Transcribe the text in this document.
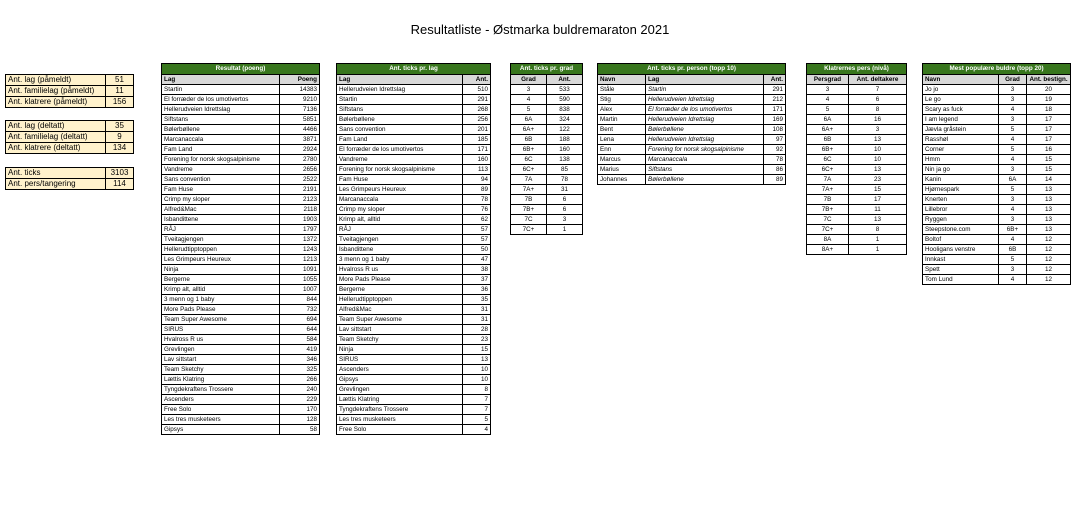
Resultatliste - Østmarka buldremaraton 2021
Ant. lag (påmeldt)	51
Ant. familielag (påmeldt)	11
Ant. klatrere (påmeldt)	156
Ant. lag (deltatt)	35
Ant. familielag (deltatt)	9
Ant. klatrere (deltatt)	134
Ant. ticks	3103
Ant. pers/tangering	114
Resultat (poeng)	
Lag	Poeng
Startin	14383
El forræder de los umotivertos	9210
Hellerudveien Idrettslag	7136
Siftstans	5851
Bølerbøllene	4466
Marcanaccala	3871
Fam Land	2924
Forening for norsk skogsalpinisme	2780
Vandreme	2656
Sans convention	2522
Fam Huse	2191
Crimp my sloper	2123
Alfred&Mac	2118
Isbandittene	1903
RÅJ	1797
Tveitagjengen	1372
Hellerudtipptoppen	1243
Les Grimpeurs Heureux	1213
Ninja	1091
Bergerne	1055
Krimp alt, alltid	1007
3 menn og 1 baby	844
More Pads Please	732
Team Super Awesome	694
SIRUS	644
Hvalross R us	584
Grevlingen	419
Lav sittstart	346
Team Sketchy	325
Lættis Klatring	266
Tyngdekraftens Trossere	240
Ascenders	229
Free Solo	170
Les tres musketeers	128
Gipsys	58
Ant. ticks pr. lag	
Lag	Ant.
Hellerudveien Idrettslag	510
Startin	291
Siftstans	268
Bølerbøllene	256
Sans convention	201
Fam Land	185
El forræder de los umotivertos	171
Vandreme	160
Forening for norsk skogsalpinisme	113
Fam Huse	94
Les Grimpeurs Heureux	89
Marcanaccala	78
Crimp my sloper	76
Krimp alt, alltid	62
RÅJ	57
Tveitagjengen	57
Isbandittene	50
3 menn og 1 baby	47
Hvalross R us	38
More Pads Please	37
Bergerne	36
Hellerudtipptoppen	35
Alfred&Mac	31
Team Super Awesome	31
Lav sittstart	28
Team Sketchy	23
Ninja	15
SIRUS	13
Ascenders	10
Gipsys	10
Grevlingen	8
Lættis Klatring	7
Tyngdekraftens Trossere	7
Les tres musketeers	5
Free Solo	4
Ant. ticks pr. grad	
Grad	Ant.
3	533
4	590
5	838
6A	324
6A+	122
6B	188
6B+	160
6C	138
6C+	85
7A	78
7A+	31
7B	6
7B+	6
7C	3
7C+	1
Ant. ticks pr. person (topp 10)		
Navn	Lag	Ant.
Ståle	Startin	291
Stig	Hellerudveien Idrettslag	212
Alex	El forræder de los umotivertos	171
Martin	Hellerudveien Idrettslag	169
Bent	Bølerbøllene	108
Lena	Hellerudveien Idrettslag	97
Enn	Forening for norsk skogsalpinisme	92
Marcus	Marcanaccala	78
Marius	Siftstans	86
Johannes	Bølerbøllene	89
Klatrernes pers (nivå)	
Persgrad	Ant. deltakere
3	7
4	6
5	8
6A	16
6A+	3
6B	13
6B+	10
6C	10
6C+	13
7A	23
7A+	15
7B	17
7B+	11
7C	13
7C+	8
8A	1
8A+	1
Mest populære buldre (topp 20)		
Navn	Grad	Ant. bestign.
Jo jo	3	20
Le go	3	19
Scary as fuck	4	18
I am legend	3	17
Jævla gråstein	5	17
Rasshøl	4	17
Corner	5	16
Hmm	4	15
Nin ja go	3	15
Kanin	6A	14
Hjørnespark	5	13
Knerten	3	13
Lillebror	4	13
Ryggen	3	13
Steepstone.com	6B+	13
Boltof	4	12
Hooligans venstre	6B	12
Innkast	5	12
Spett	3	12
Tom Lund	4	12
